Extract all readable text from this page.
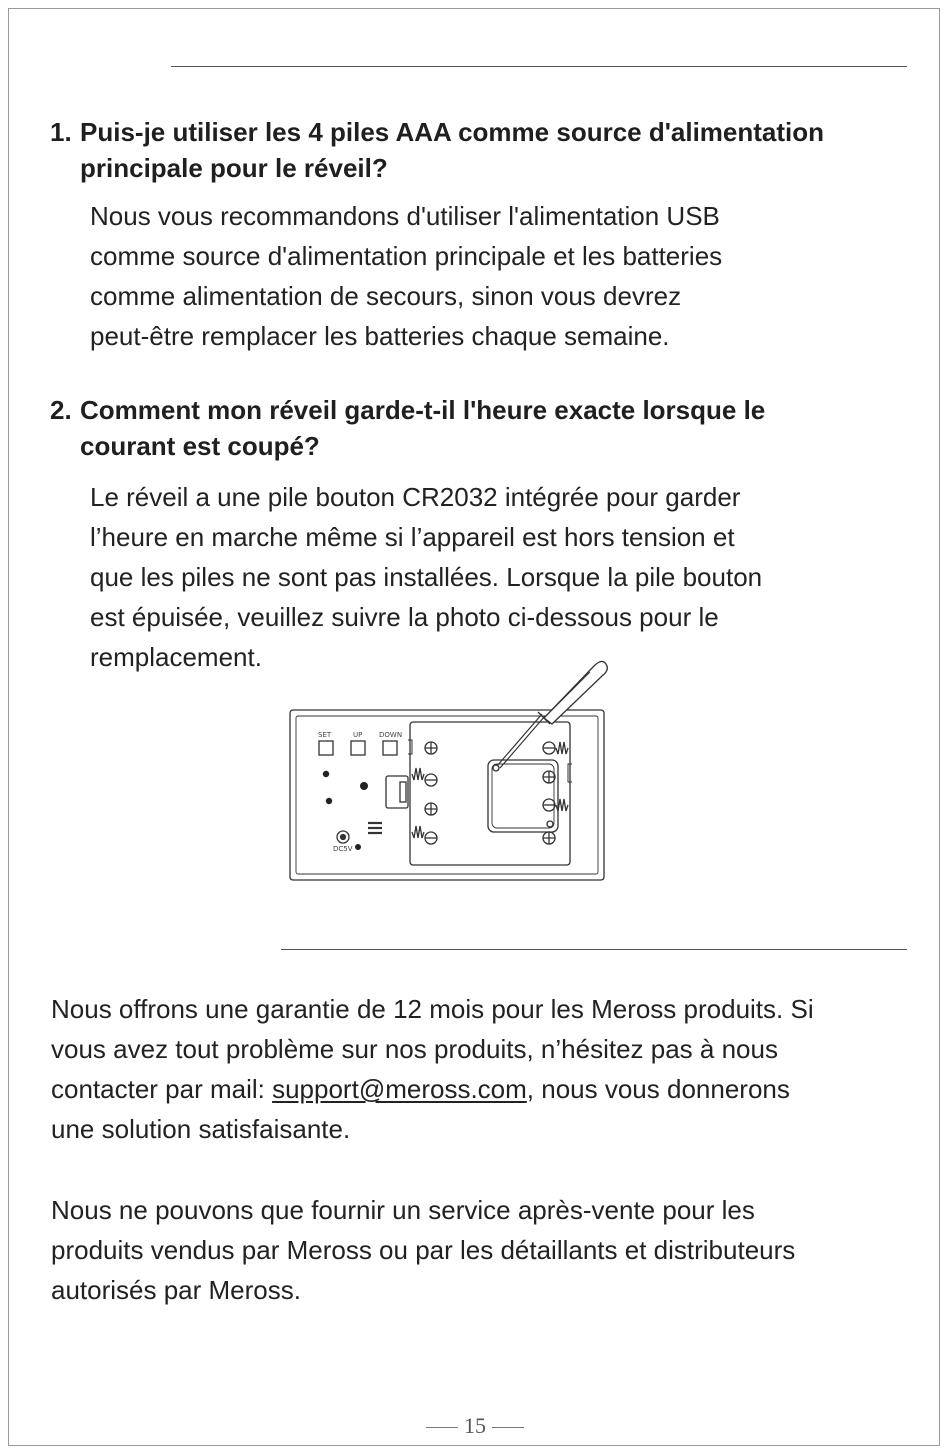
1. Puis-je utiliser les 4 piles AAA comme source d'alimentation
principale pour le réveil?
Nous vous recommandons d'utiliser l'alimentation USB
comme source d'alimentation principale et les batteries
comme alimentation de secours, sinon vous devrez
peut-être remplacer les batteries chaque semaine.
2. Comment mon réveil garde-t-il l'heure exacte lorsque le
courant est coupé?
Le réveil a une pile bouton CR2032 intégrée pour garder
l’heure en marche même si l’appareil est hors tension et
que les piles ne sont pas installées. Lorsque la pile bouton
est épuisée, veuillez suivre la photo ci-dessous pour le
remplacement.
SET	UP DOWN
DC5V
Nous offrons une garantie de 12 mois pour les Meross produits. Si
vous avez tout problème sur nos produits, n’hésitez pas à nous
contacter par mail: support@meross.com, nous vous donnerons
une solution satisfaisante.
Nous ne pouvons que fournir un service après-vente pour les
produits vendus par Meross ou par les détaillants et distributeurs
autorisés par Meross.
15
